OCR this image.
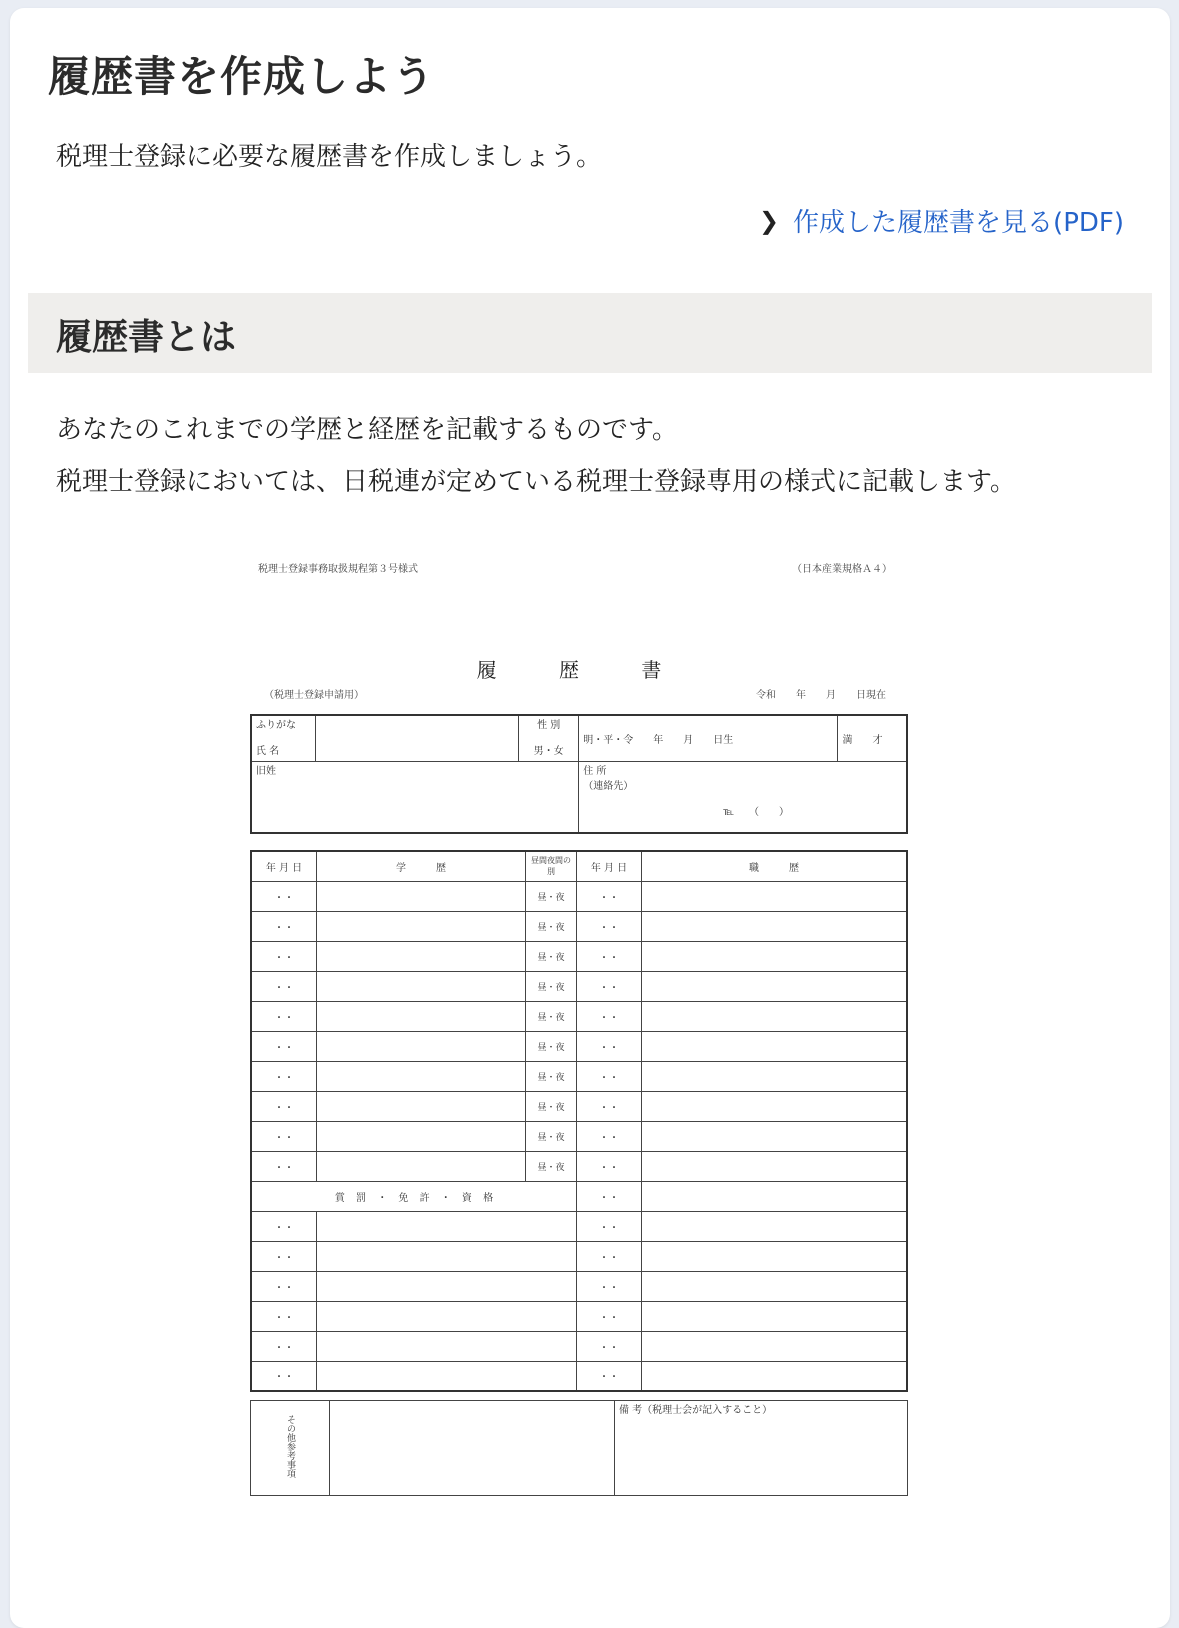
履歴書を作成しよう

税理士登録に必要な履歴書を作成しましょう。

❯ 作成した履歴書を見る(PDF)
履歴書とは

あなたのこれまでの学歴と経歴を記載するものです。

税理士登録においては、日税連が定めている税理士登録専用の様式に記載します。

税理士登録事務取扱規程第３号様式	（日本産業規格Ａ４）
履 歴 書
（税理士登録申請用）	令和　　年　　月　　日現在
ふりがな

氏 名		性 別

男・女	明・平・令　　年　　月　　日生	満　　才
旧姓			住 所
（連絡先）

℡　　（　　）	
年 月 日	学　　　歴	昼間夜間の別	年 月 日	職　　　歴
・・		昼・夜	・・	
・・		昼・夜	・・	
・・		昼・夜	・・	
・・		昼・夜	・・	
・・		昼・夜	・・	
・・		昼・夜	・・	
・・		昼・夜	・・	
・・		昼・夜	・・	
・・		昼・夜	・・	
・・		昼・夜	・・	
賞 罰 ・ 免 許 ・ 資 格			・・	
・・			・・	
・・			・・	
・・			・・	
・・			・・	
・・			・・	
・・			・・	
その他参考事項		備 考（税理士会が記入すること）
